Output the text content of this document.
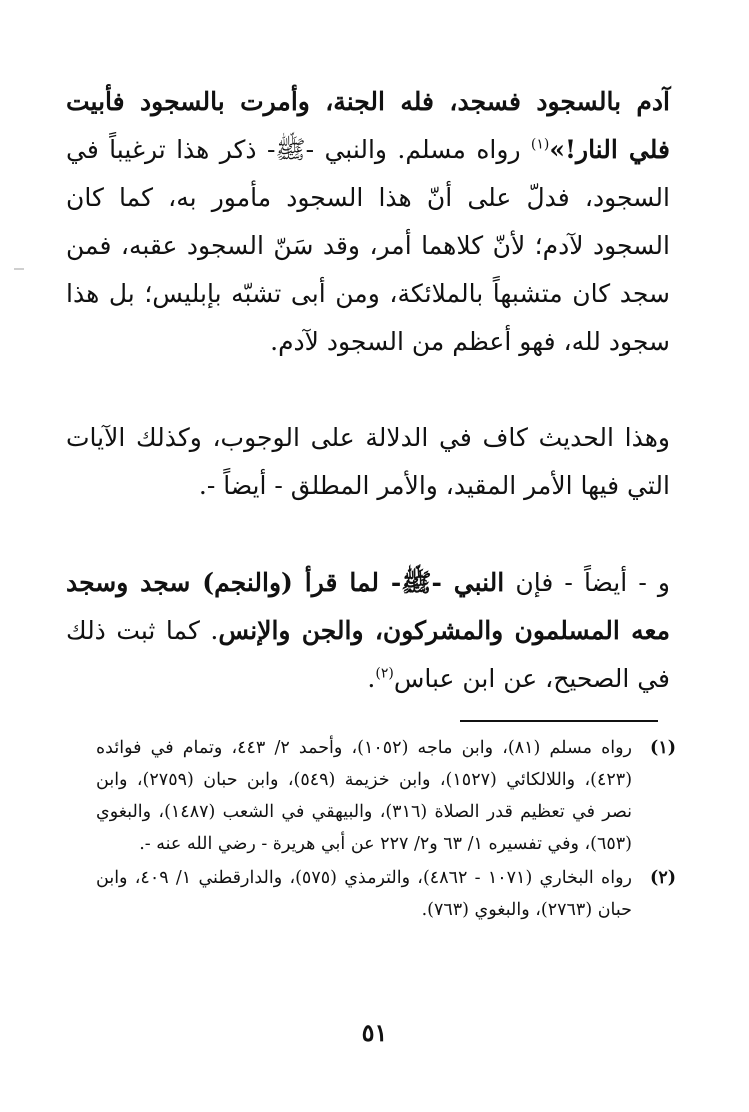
آدم بالسجود فسجد، فله الجنة، وأمرت بالسجود فأبيت فلي النار!»$^{(١)}$ رواه مسلم. والنبي -ﷺ- ذكر هذا ترغيباً في السجود، فدلّ على أنّ هذا السجود مأمور به، كما كان السجود لآدم؛ لأنّ كلاهما أمر، وقد سَنّ السجود عقبه، فمن سجد كان متشبهاً بالملائكة، ومن أبى تشبّه بإبليس؛ بل هذا سجود لله، فهو أعظم من السجود لآدم.
وهذا الحديث كاف في الدلالة على الوجوب، وكذلك الآيات التي فيها الأمر المقيد، والأمر المطلق - أيضاً -.
و - أيضاً - فإن النبي -ﷺ- لما قرأ (والنجم) سجد وسجد معه المسلمون والمشركون، والجن والإنس. كما ثبت ذلك في الصحيح، عن ابن عباس$^{(٢)}$.
(١)
رواه مسلم (٨١)، وابن ماجه (١٠٥٢)، وأحمد ٢/ ٤٤٣، وتمام في فوائده (٤٢٣)، واللالكائي (١٥٢٧)، وابن خزيمة (٥٤٩)، وابن حبان (٢٧٥٩)، وابن نصر في تعظيم قدر الصلاة (٣١٦)، والبيهقي في الشعب (١٤٨٧)، والبغوي (٦٥٣)، وفي تفسيره ١/ ٦٣ و٢/ ٢٢٧ عن أبي هريرة - رضي الله عنه -.
(٢)
رواه البخاري (١٠٧١ - ٤٨٦٢)، والترمذي (٥٧٥)، والدارقطني ١/ ٤٠٩، وابن حبان (٢٧٦٣)، والبغوي (٧٦٣).
٥١
